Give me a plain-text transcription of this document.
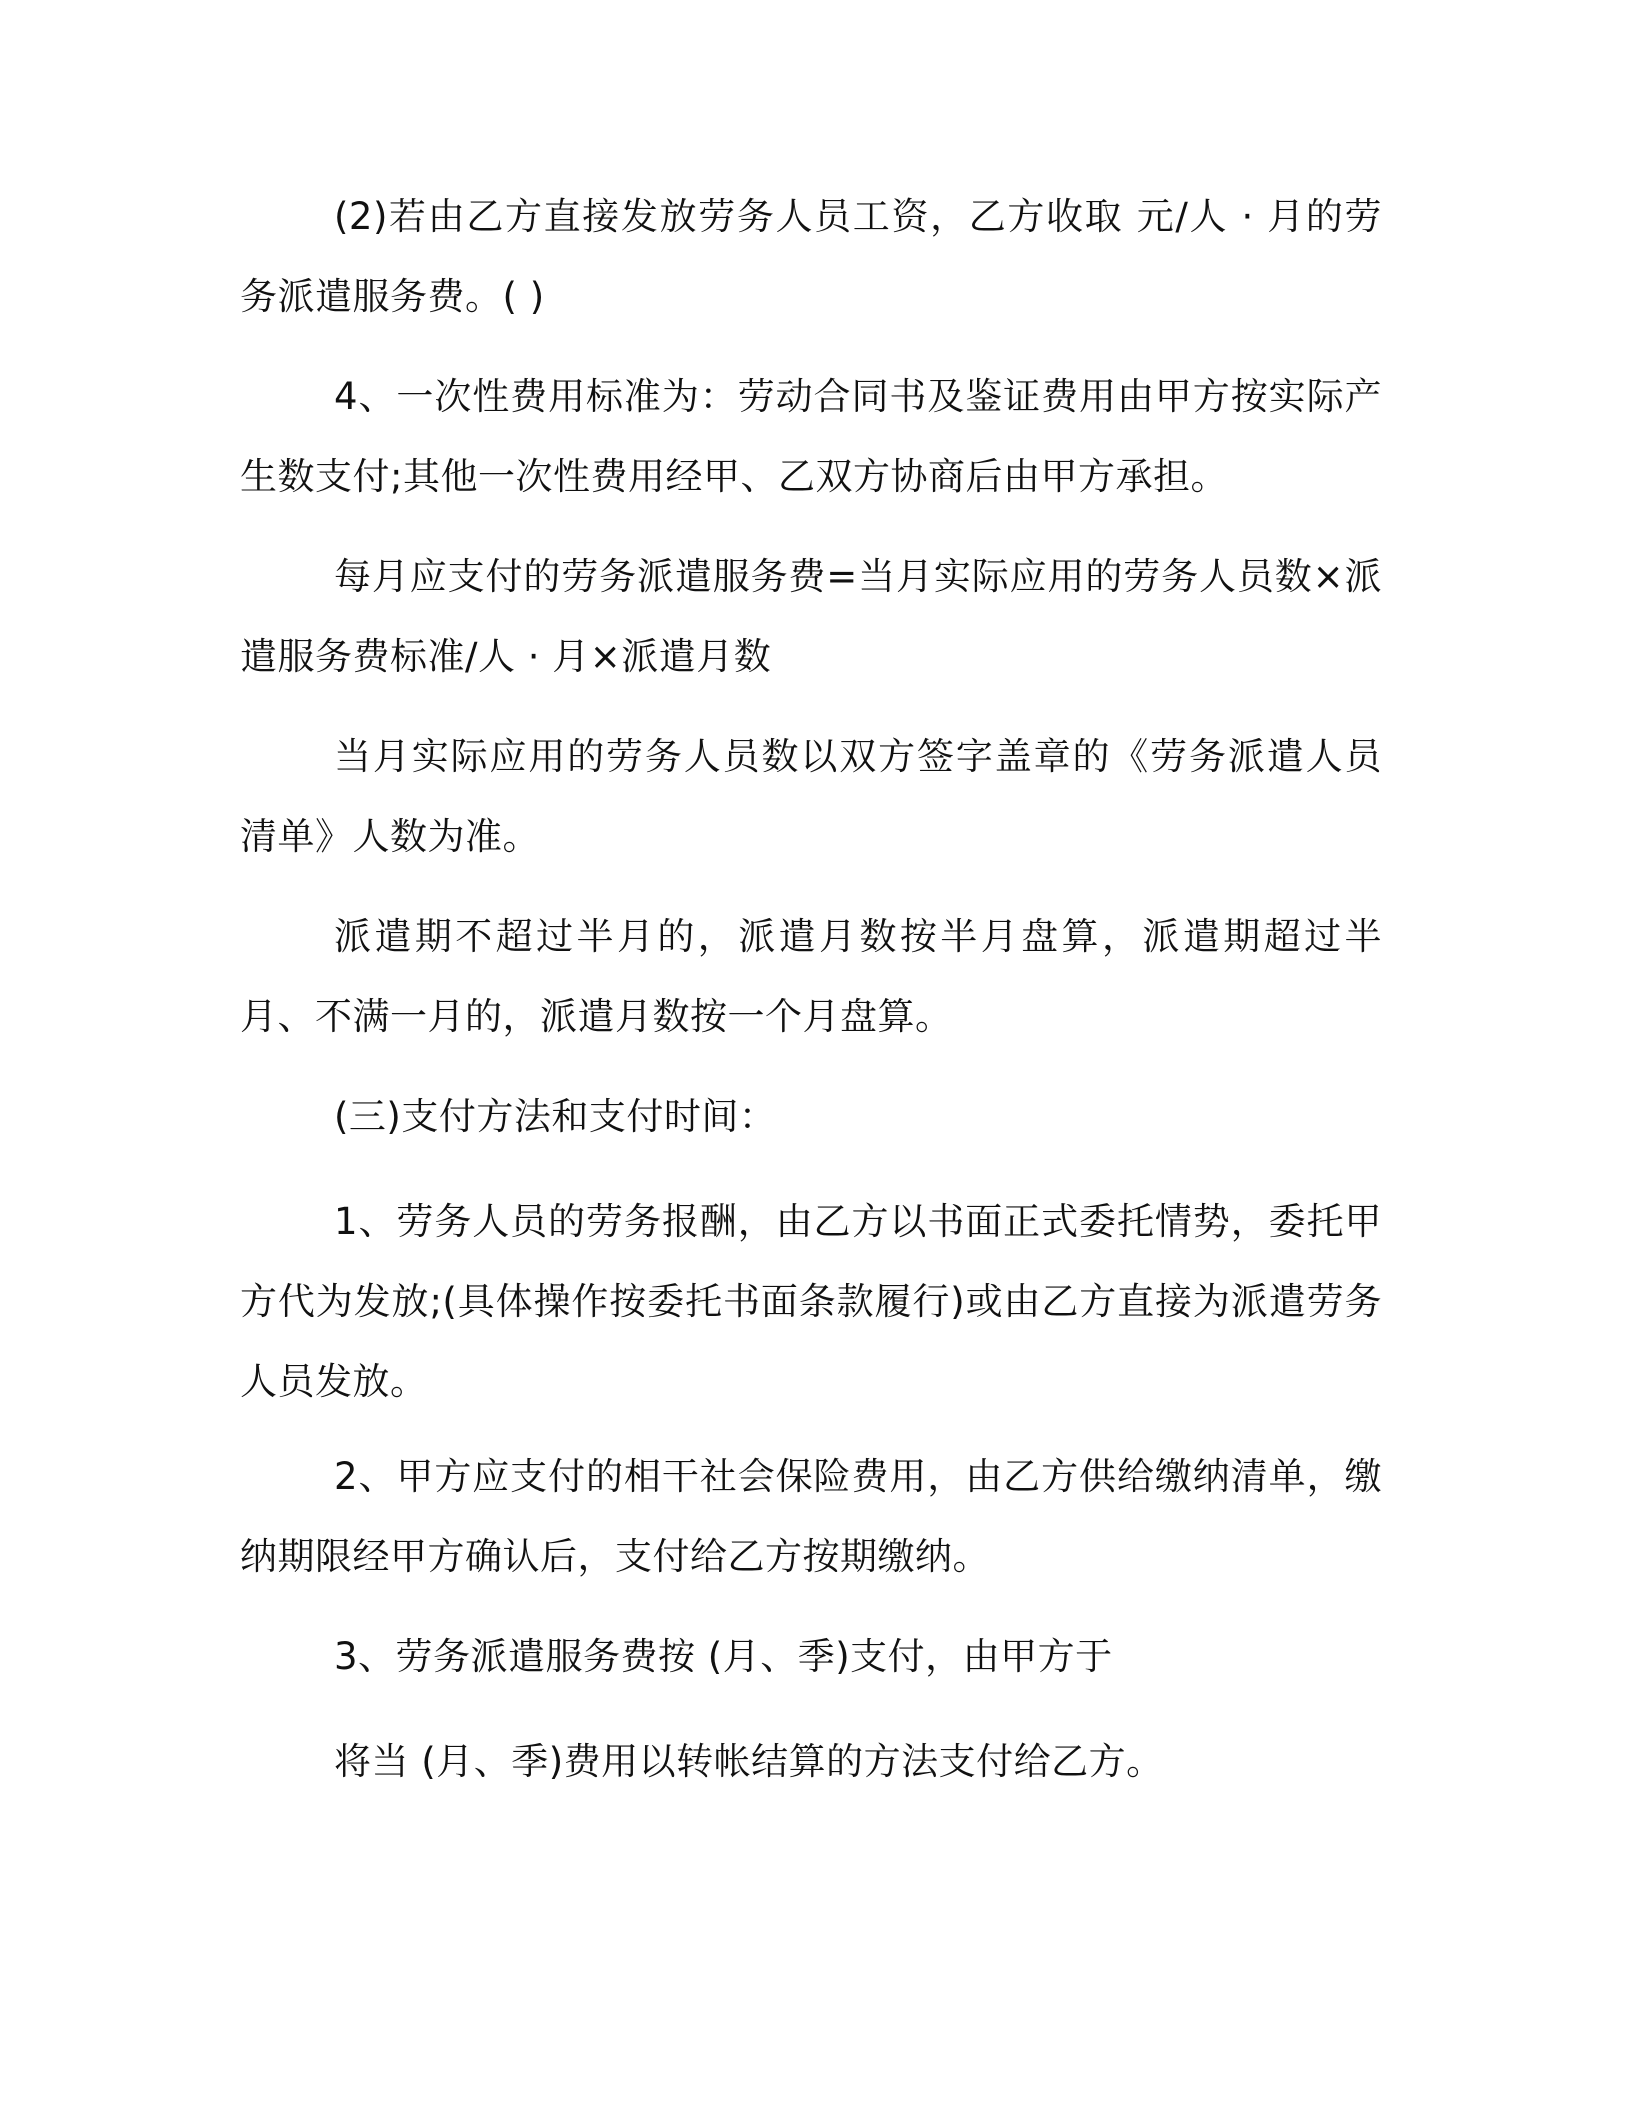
(2)若由乙方直接发放劳务人员工资，乙方收取 元/人 · 月的劳务派遣服务费。( )

4、一次性费用标准为：劳动合同书及鉴证费用由甲方按实际产生数支付;其他一次性费用经甲、乙双方协商后由甲方承担。

每月应支付的劳务派遣服务费=当月实际应用的劳务人员数×派遣服务费标准/人 · 月×派遣月数

当月实际应用的劳务人员数以双方签字盖章的《劳务派遣人员清单》人数为准。

派遣期不超过半月的，派遣月数按半月盘算，派遣期超过半月、不满一月的，派遣月数按一个月盘算。

(三)支付方法和支付时间：

1、劳务人员的劳务报酬，由乙方以书面正式委托情势，委托甲方代为发放;(具体操作按委托书面条款履行)或由乙方直接为派遣劳务人员发放。

2、甲方应支付的相干社会保险费用，由乙方供给缴纳清单，缴纳期限经甲方确认后，支付给乙方按期缴纳。

3、劳务派遣服务费按 (月、季)支付，由甲方于

将当 (月、季)费用以转帐结算的方法支付给乙方。
